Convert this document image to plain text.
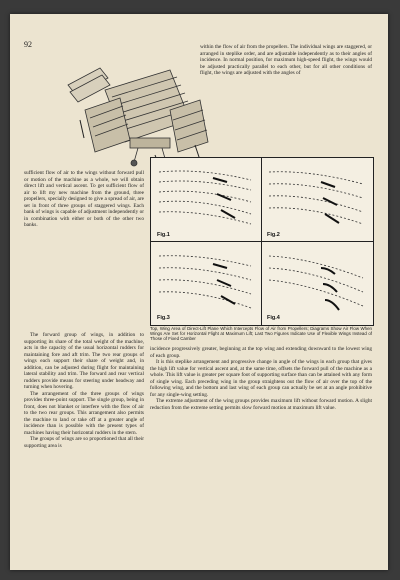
92	within the flow of air from the propellers. The individual wings are staggered, or arranged in steplike order, and are adjustable independently as to their angles of incidence. In normal position, for maximum high-speed flight, the wings would be adjusted practically parallel to each other, but for all other conditions of flight, the wings are adjusted with the angles of

sufficient flow of air to the wings without forward pull or motion of the machine as a whole, we will obtain direct lift and vertical ascent. To get sufficient flow of air to lift my new machine from the ground, three propellers, specially designed to give a spread of air, are set in front of three groups of staggered wings. Each bank of wings is capable of adjustment independently or in combination with either or both of the other two banks.

Fig.1	Fig.2
Fig.3	Fig.4
Top, Wing Area of Direct-Lift Plane Which Intercepts Flow of Air from Propellers; Diagrams Show Air Flow When Wings Are Set for Horizontal Flight at Maximum Lift; Last Two Figures Indicate Use of Flexible Wings Instead of Those of Fixed Camber

The forward group of wings, in addition to supporting its share of the total weight of the machine, acts in the capacity of the usual horizontal rudders for maintaining fore and aft trim. The two rear groups of wings each support their share of weight and, in addition, can be adjusted during flight for maintaining lateral stability and trim. The forward and rear vertical rudders provide means for steering under headway and turning when hovering.

The arrangement of the three groups of wings provides three-point support. The single group, being in front, does not blanket or interfere with the flow of air to the two rear groups. This arrangement also permits the machine to land or take off at a greater angle of incidence than is possible with the present types of machines having their horizontal rudders in the stern.

The groups of wings are so proportioned that all their supporting area is

incidence progressively greater, beginning at the top wing and extending downward to the lowest wing of each group.

It is this steplike arrangement and progressive change in angle of the wings in each group that gives the high lift value for vertical ascent and, at the same time, offsets the forward pull of the machine as a whole. This lift value is greater per square foot of supporting surface than can be attained with any form of single wing. Each preceding wing in the group straightens out the flow of air over the top of the following wing, and the bottom and last wing of each group can actually be set at an angle prohibitive for any single-wing setting.

The extreme adjustment of the wing groups provides maximum lift without forward motion. A slight reduction from the extreme setting permits slow forward motion at maximum lift value.
